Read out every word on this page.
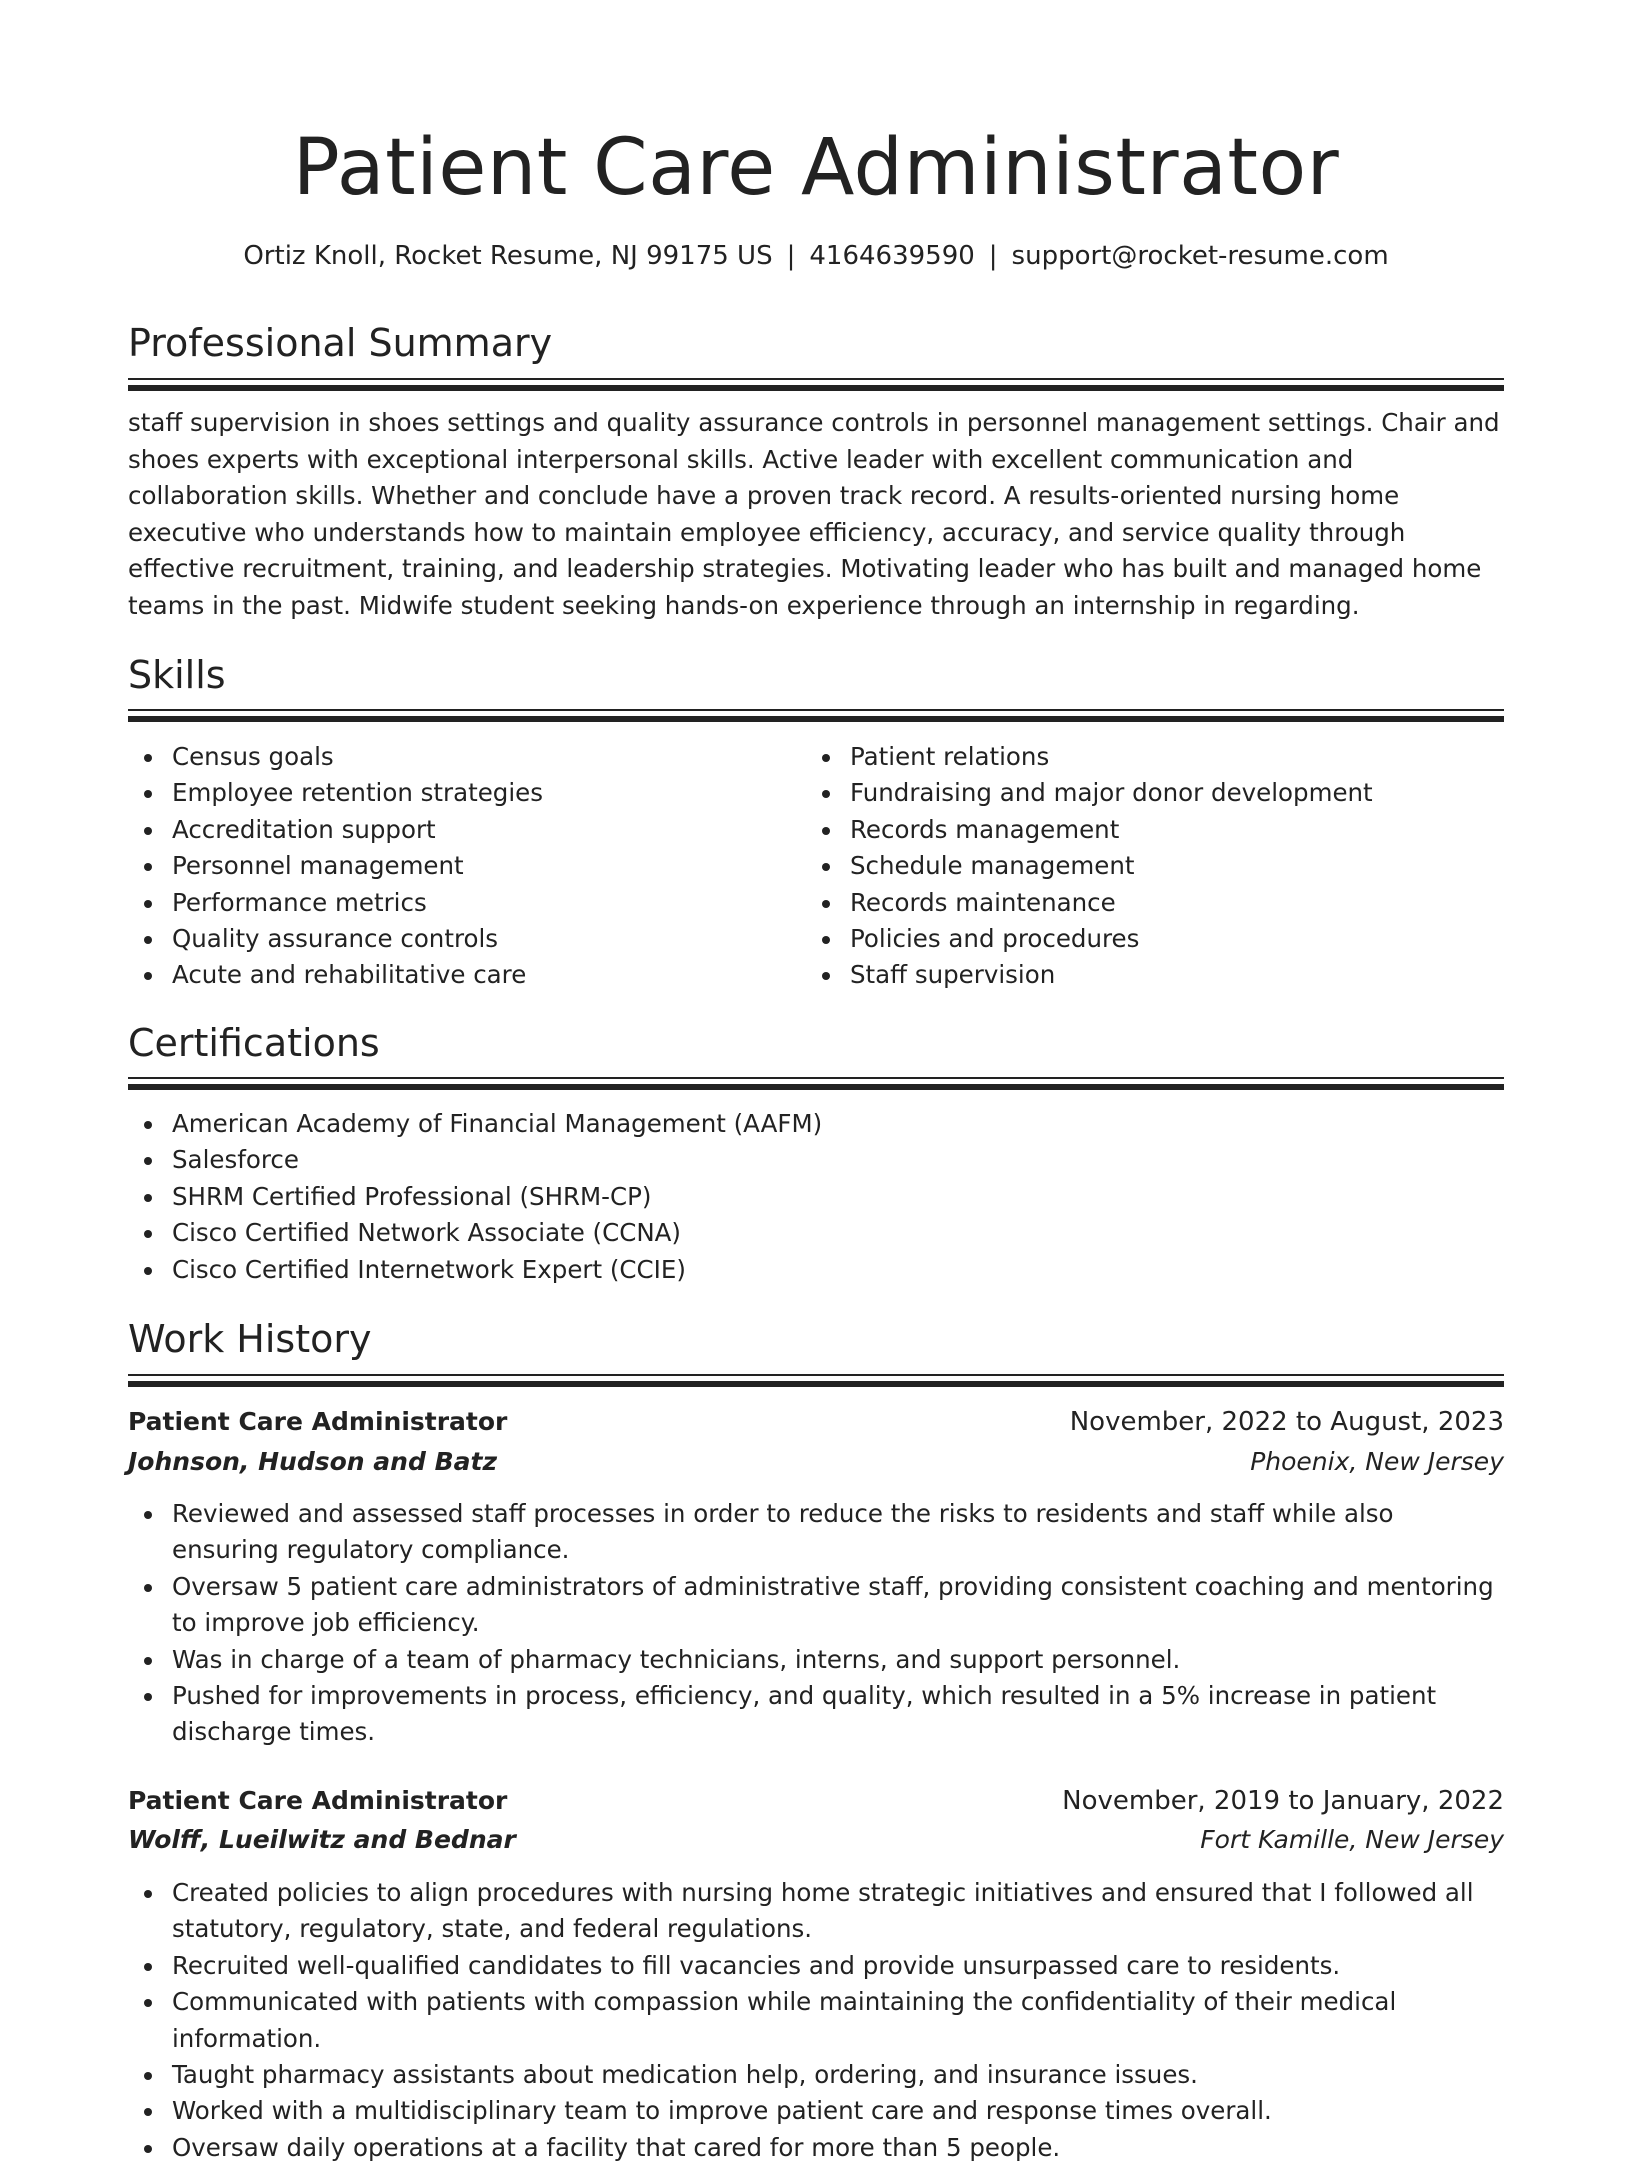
Patient Care Administrator
Ortiz Knoll, Rocket Resume, NJ 99175 US | 4164639590 | support@rocket-resume.com
Professional Summary

staff supervision in shoes settings and quality assurance controls in personnel management settings. Chair and shoes experts with exceptional interpersonal skills. Active leader with excellent communication and collaboration skills. Whether and conclude have a proven track record. A results-oriented nursing home executive who understands how to maintain employee efficiency, accuracy, and service quality through effective recruitment, training, and leadership strategies. Motivating leader who has built and managed home teams in the past. Midwife student seeking hands-on experience through an internship in regarding.

Skills
Census goals
Employee retention strategies
Accreditation support
Personnel management
Performance metrics
Quality assurance controls
Acute and rehabilitative care
Patient relations
Fundraising and major donor development
Records management
Schedule management
Records maintenance
Policies and procedures
Staff supervision
Certifications
American Academy of Financial Management (AAFM)
Salesforce
SHRM Certified Professional (SHRM-CP)
Cisco Certified Network Associate (CCNA)
Cisco Certified Internetwork Expert (CCIE)
Work History
Patient Care Administrator	November, 2022 to August, 2023
Johnson, Hudson and Batz	Phoenix, New Jersey
Reviewed and assessed staff processes in order to reduce the risks to residents and staff while also ensuring regulatory compliance.
Oversaw 5 patient care administrators of administrative staff, providing consistent coaching and mentoring to improve job efficiency.
Was in charge of a team of pharmacy technicians, interns, and support personnel.
Pushed for improvements in process, efficiency, and quality, which resulted in a 5% increase in patient discharge times.
Patient Care Administrator	November, 2019 to January, 2022
Wolff, Lueilwitz and Bednar	Fort Kamille, New Jersey
Created policies to align procedures with nursing home strategic initiatives and ensured that I followed all statutory, regulatory, state, and federal regulations.
Recruited well-qualified candidates to fill vacancies and provide unsurpassed care to residents.
Communicated with patients with compassion while maintaining the confidentiality of their medical information.
Taught pharmacy assistants about medication help, ordering, and insurance issues.
Worked with a multidisciplinary team to improve patient care and response times overall.
Oversaw daily operations at a facility that cared for more than 5 people.
